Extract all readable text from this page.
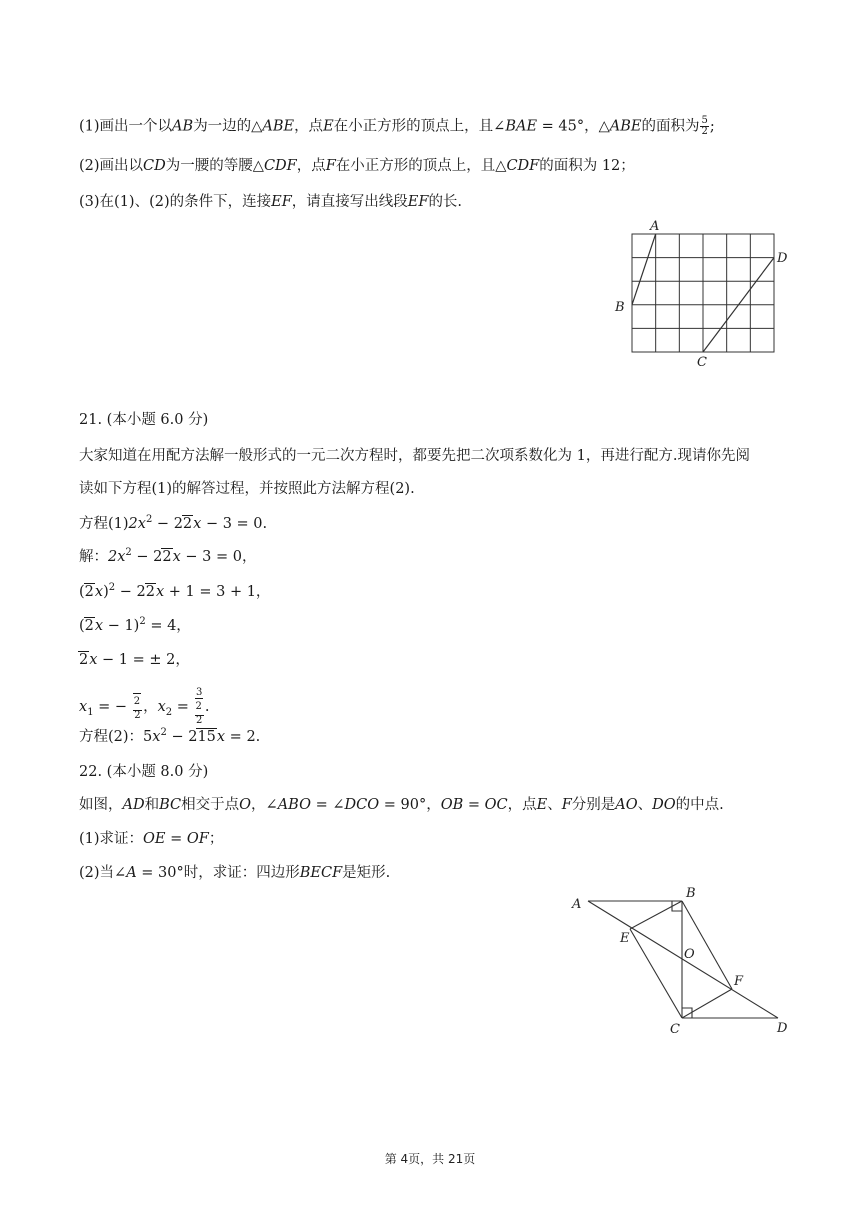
(1)画出一个以AB为一边的△ABE，点E在小正方形的顶点上，且∠BAE = 45°，△ABE的面积为 $\frac{5}{2}$ ;
(2)画出以CD为一腰的等腰△CDF，点F在小正方形的顶点上，且△CDF的面积为 12；
(3)在(1)、(2)的条件下，连接EF，请直接写出线段EF的长.
A
B
C
D
21. (本小题 6.0 分)
大家知道在用配方法解一般形式的一元二次方程时，都要先把二次项系数化为 1，再进行配方.现请你先阅
读如下方程(1)的解答过程，并按照此方法解方程(2).
方程$(1)2x^2 - 22x - 3 = 0$.
解：$2x^2 - 22x - 3 = 0$，
$(2x)^2 - 22x + 1 = 3 + 1$，
$(2x - 1)^2 = 4$，
2x − 1 = ± 2，
$x_1$ = − $\frac{2}{2}$ ，$x_2 = 3$
2
2 .
方程(2)：$5x^2 - 215x = 2$.
22. (本小题 8.0 分)
如图，AD和BC相交于点O，∠ABO = ∠DCO = 90°，OB = OC，点E、F分别是AO、DO的中点.
(1)求证：OE = OF；
(2)当∠A = 30°时，求证：四边形BECF是矩形.
A
B
C	D
E
F
O
第 4页，共 21页
